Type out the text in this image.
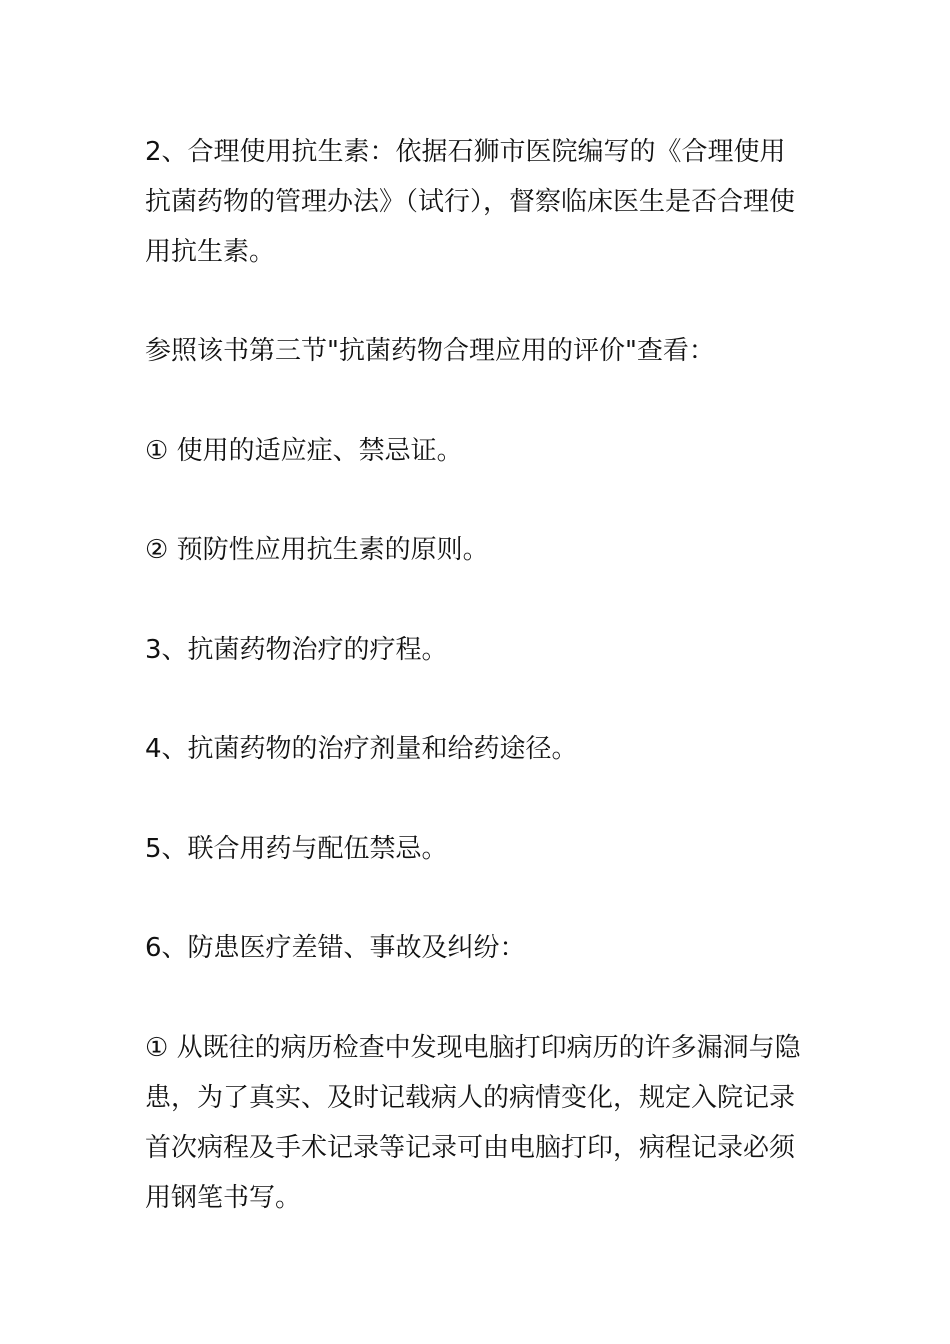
2、合理使用抗生素：依据石狮市医院编写的《合理使用抗菌药物的管理办法》（试行），督察临床医生是否合理使用抗生素。

参照该书第三节"抗菌药物合理应用的评价"查看：

① 使用的适应症、禁忌证。

② 预防性应用抗生素的原则。

3、抗菌药物治疗的疗程。

4、抗菌药物的治疗剂量和给药途径。

5、联合用药与配伍禁忌。

6、防患医疗差错、事故及纠纷：

① 从既往的病历检查中发现电脑打印病历的许多漏洞与隐患，为了真实、及时记载病人的病情变化，规定入院记录首次病程及手术记录等记录可由电脑打印，病程记录必须用钢笔书写。
